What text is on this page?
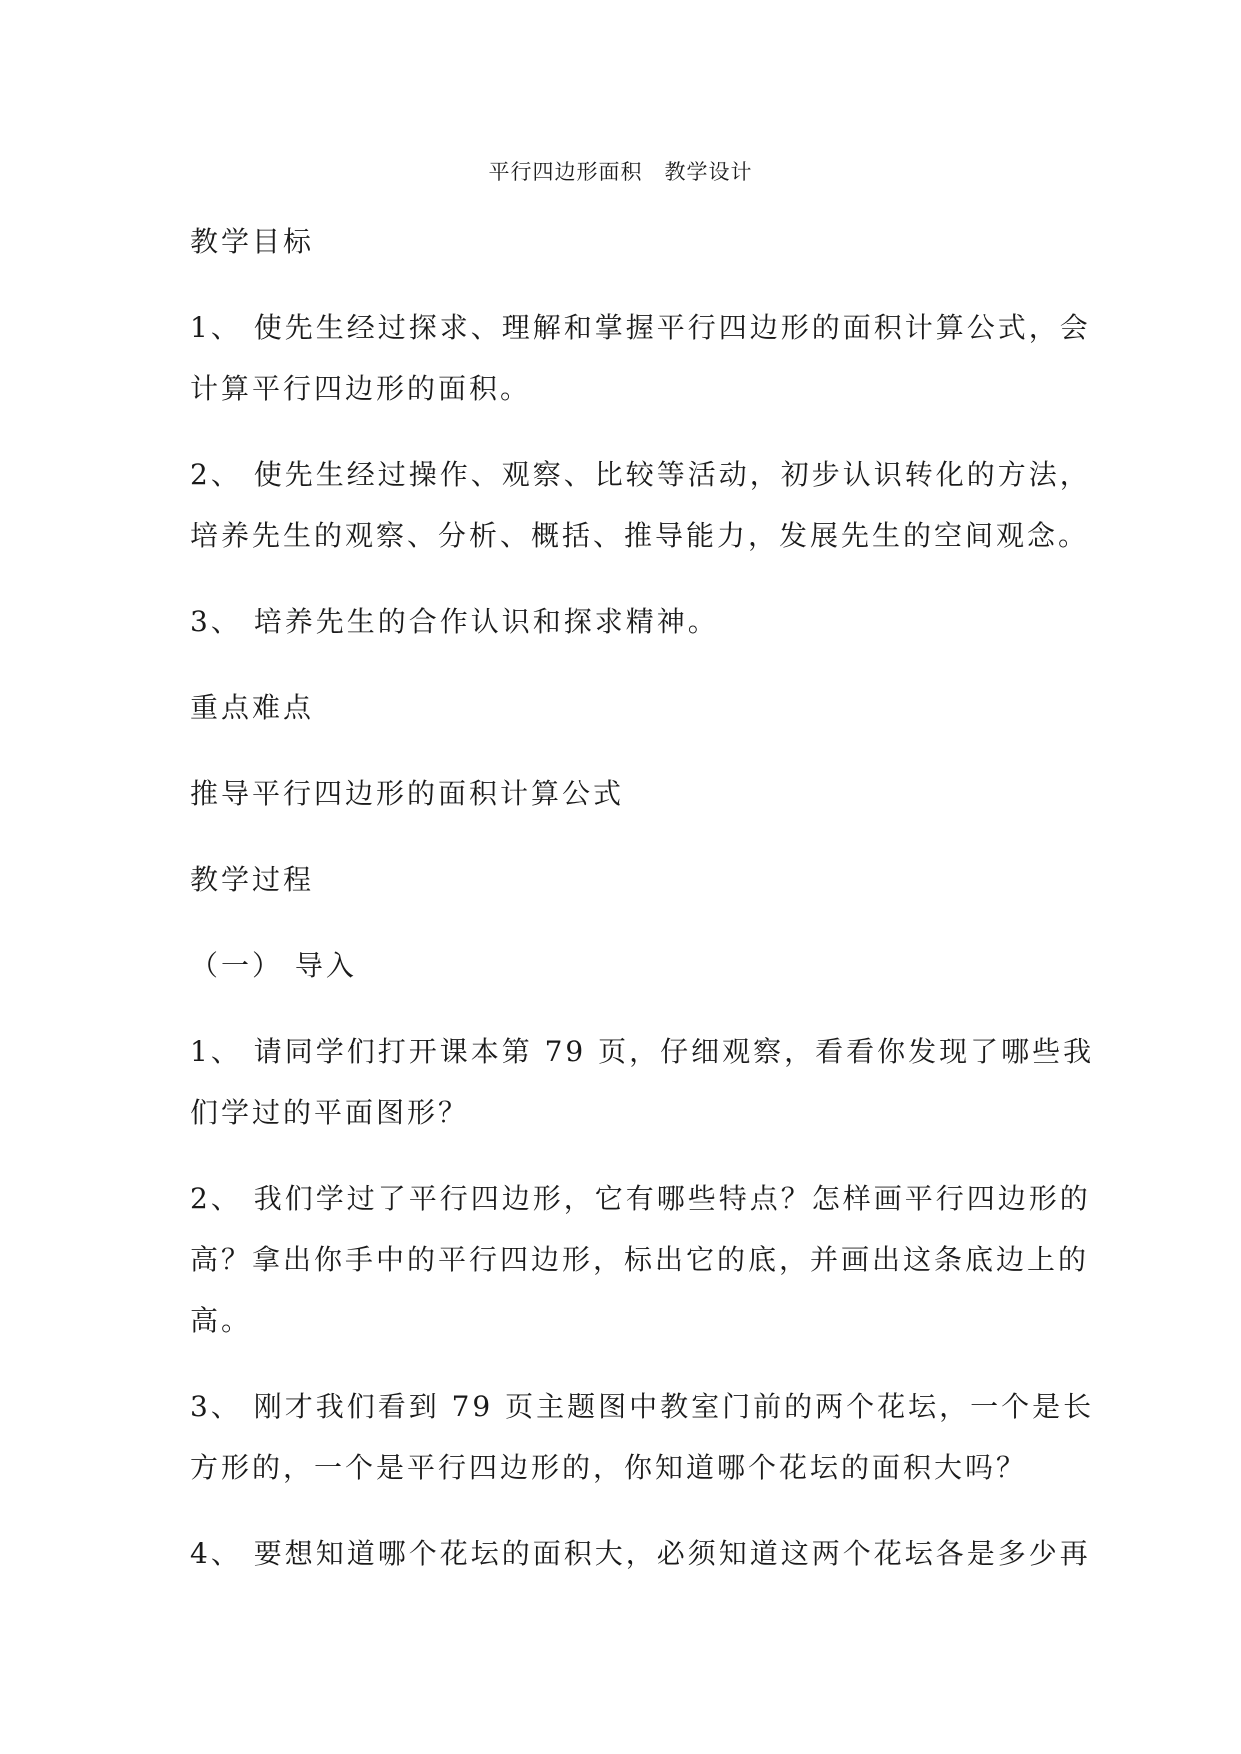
平行四边形面积　教学设计
教学目标
1、 使先生经过探求、理解和掌握平行四边形的面积计算公式，会
计算平行四边形的面积。
2、 使先生经过操作、观察、比较等活动，初步认识转化的方法，
培养先生的观察、分析、概括、推导能力，发展先生的空间观念。
3、 培养先生的合作认识和探求精神。
重点难点
推导平行四边形的面积计算公式
教学过程
（一） 导入
1、 请同学们打开课本第 79 页，仔细观察，看看你发现了哪些我
们学过的平面图形？
2、 我们学过了平行四边形，它有哪些特点？怎样画平行四边形的
高？拿出你手中的平行四边形，标出它的底，并画出这条底边上的
高。
3、 刚才我们看到 79 页主题图中教室门前的两个花坛，一个是长
方形的，一个是平行四边形的，你知道哪个花坛的面积大吗？
4、 要想知道哪个花坛的面积大，必须知道这两个花坛各是多少再
